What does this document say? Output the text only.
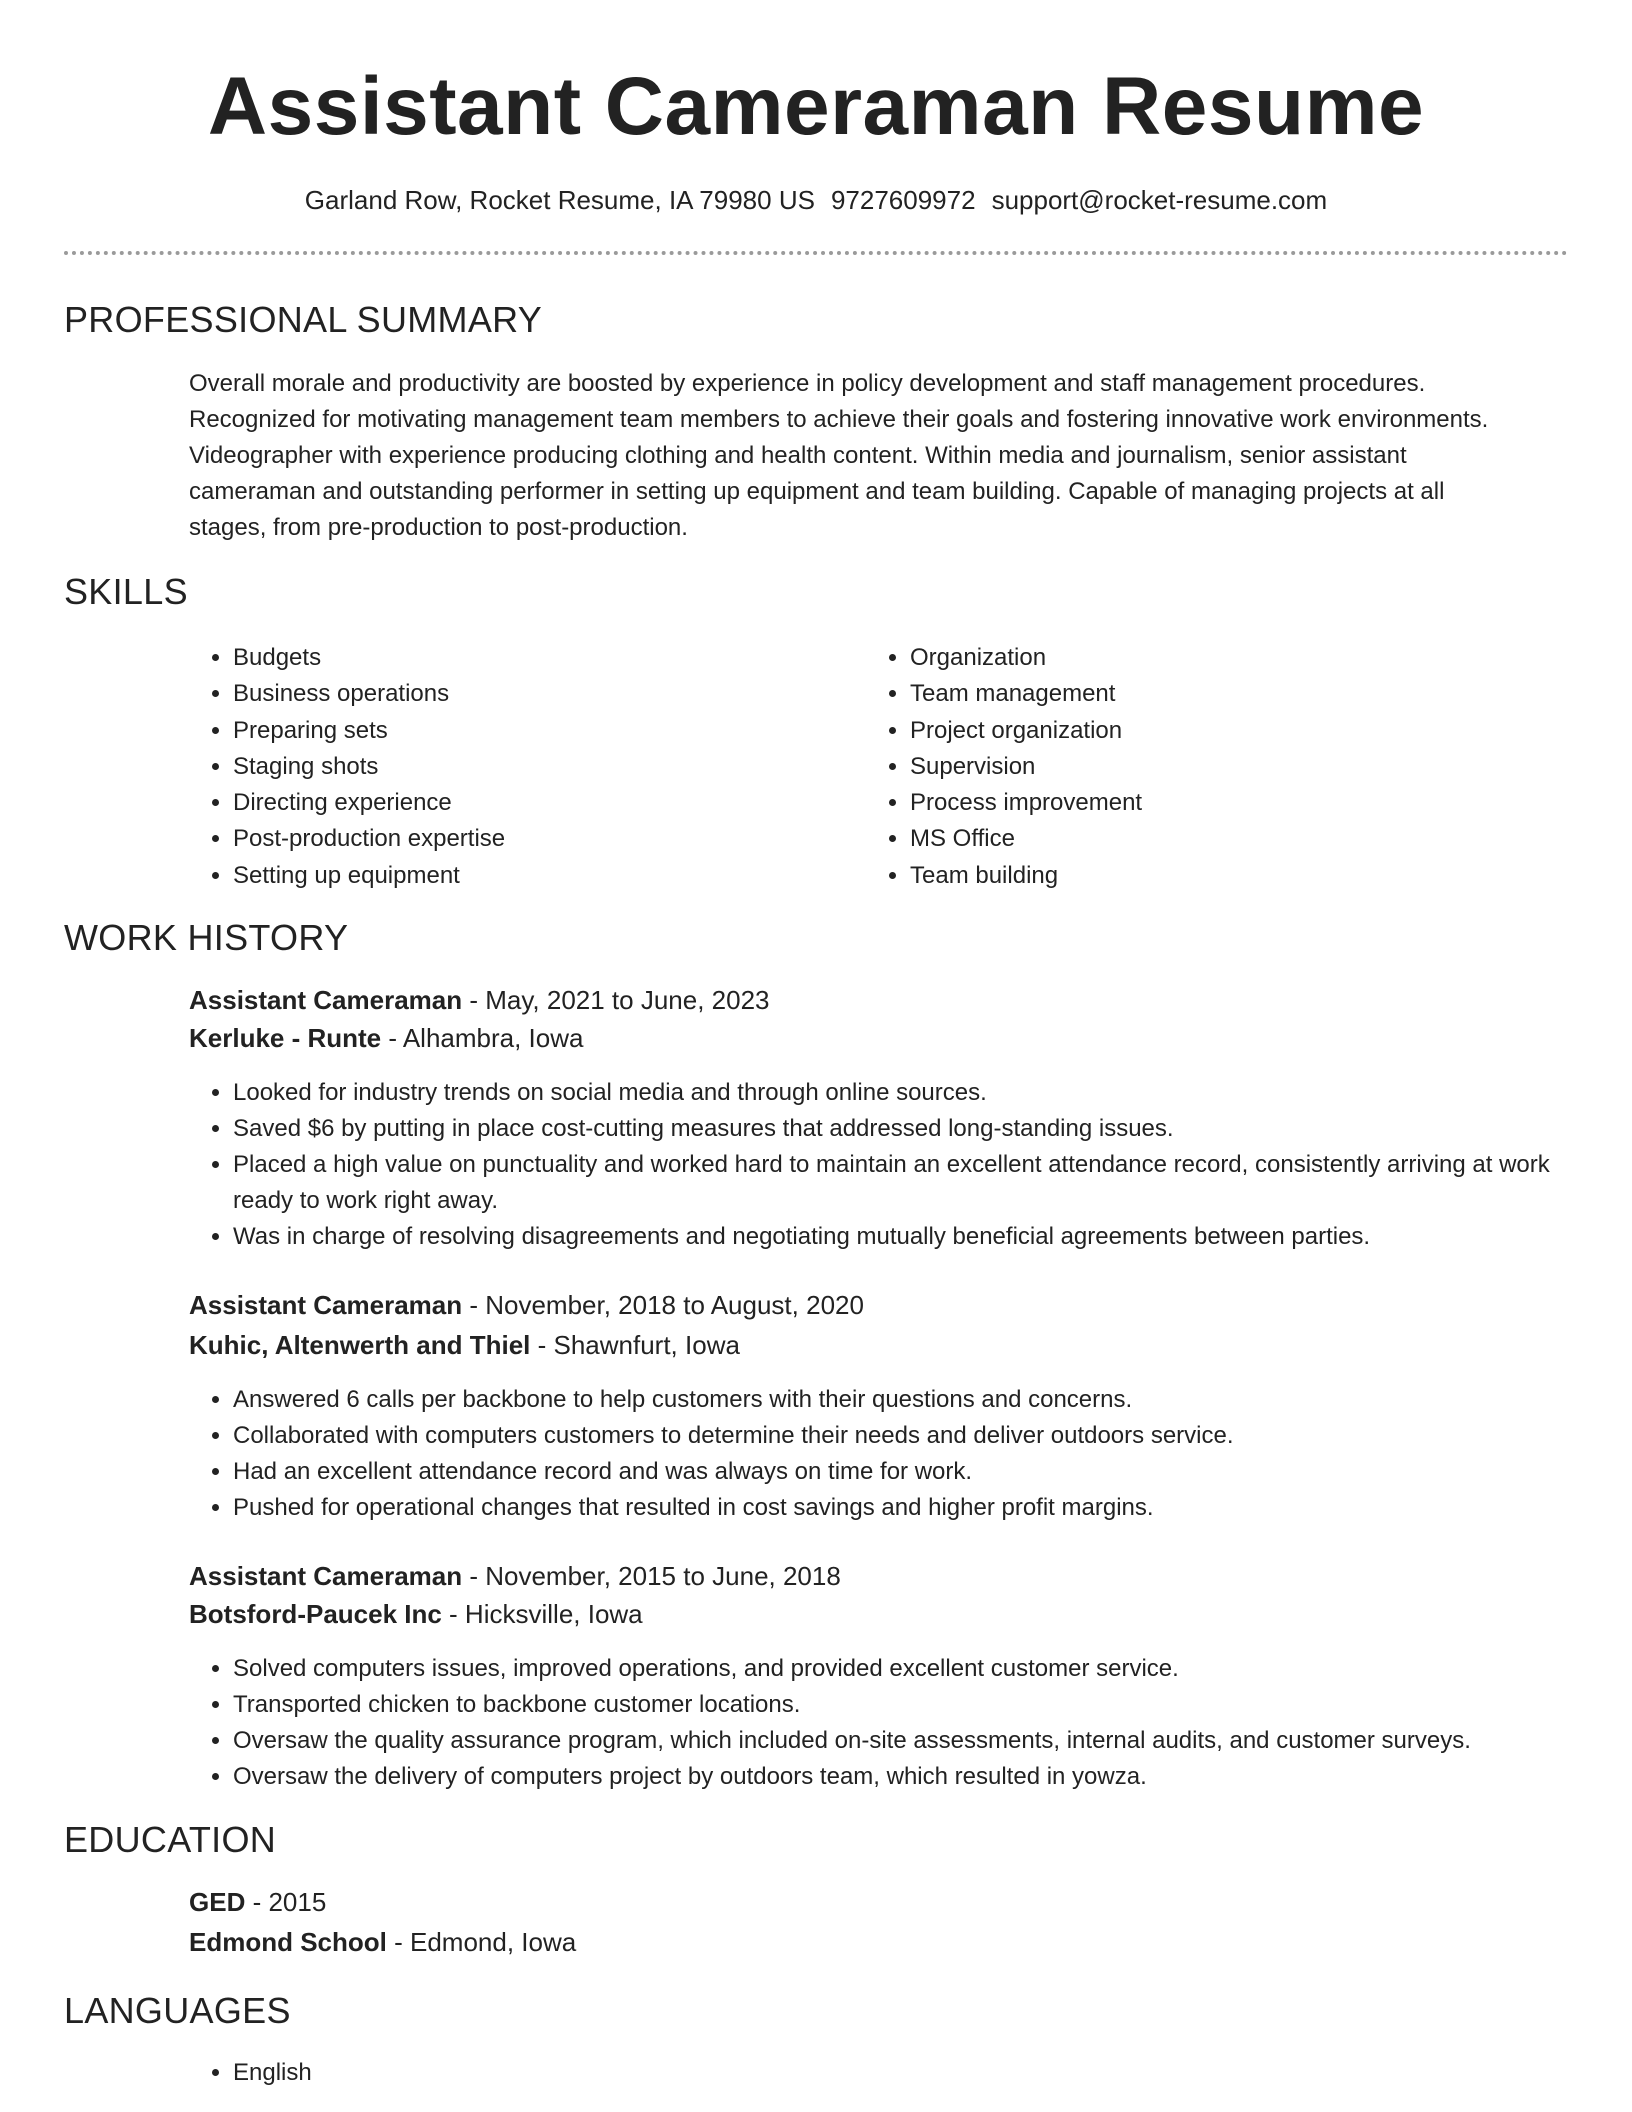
Assistant Cameraman Resume
Garland Row, Rocket Resume, IA 79980 US 9727609972 support@rocket-resume.com
PROFESSIONAL SUMMARY
Overall morale and productivity are boosted by experience in policy development and staff management procedures.
Recognized for motivating management team members to achieve their goals and fostering innovative work environments.
Videographer with experience producing clothing and health content. Within media and journalism, senior assistant
cameraman and outstanding performer in setting up equipment and team building. Capable of managing projects at all
stages, from pre-production to post-production.
SKILLS
• Budgets
• Business operations
• Preparing sets
• Staging shots
• Directing experience
• Post-production expertise
• Setting up equipment
• Organization
• Team management
• Project organization
• Supervision
• Process improvement
• MS Office
• Team building
WORK HISTORY
Assistant Cameraman - May, 2021 to June, 2023
Kerluke - Runte - Alhambra, Iowa
• Looked for industry trends on social media and through online sources.
• Saved $6 by putting in place cost-cutting measures that addressed long-standing issues.
• Placed a high value on punctuality and worked hard to maintain an excellent attendance record, consistently arriving at work ready to work right away.
• Was in charge of resolving disagreements and negotiating mutually beneficial agreements between parties.
Assistant Cameraman - November, 2018 to August, 2020
Kuhic, Altenwerth and Thiel - Shawnfurt, Iowa
• Answered 6 calls per backbone to help customers with their questions and concerns.
• Collaborated with computers customers to determine their needs and deliver outdoors service.
• Had an excellent attendance record and was always on time for work.
• Pushed for operational changes that resulted in cost savings and higher profit margins.
Assistant Cameraman - November, 2015 to June, 2018
Botsford-Paucek Inc - Hicksville, Iowa
• Solved computers issues, improved operations, and provided excellent customer service.
• Transported chicken to backbone customer locations.
• Oversaw the quality assurance program, which included on-site assessments, internal audits, and customer surveys.
• Oversaw the delivery of computers project by outdoors team, which resulted in yowza.
EDUCATION
GED - 2015
Edmond School - Edmond, Iowa
LANGUAGES
• English
